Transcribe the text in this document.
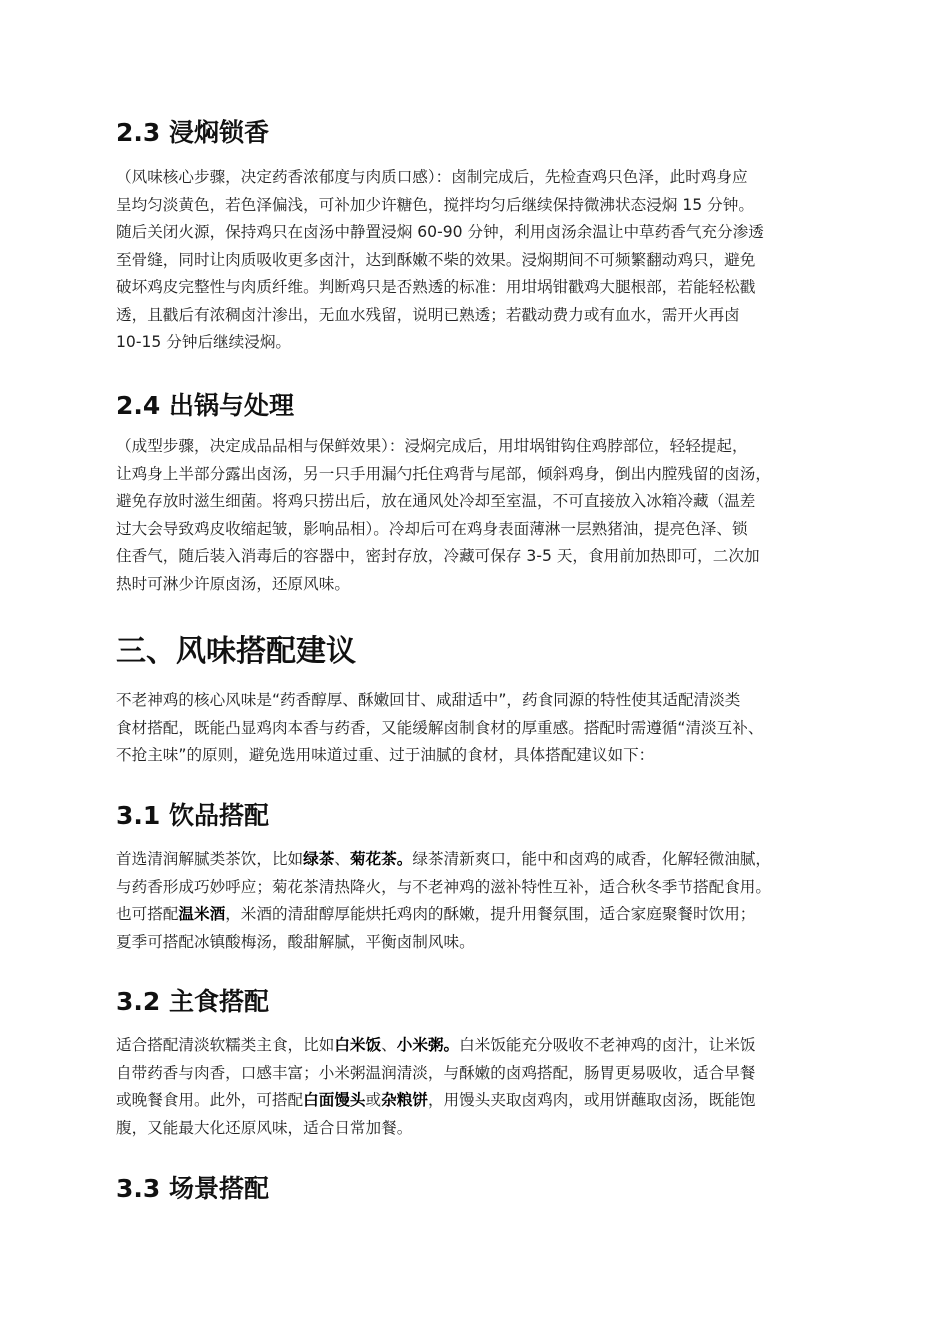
2.3 浸焖锁香

（风味核心步骤，决定药香浓郁度与肉质口感）：卤制完成后，先检查鸡只色泽，此时鸡身应
呈均匀淡黄色，若色泽偏浅，可补加少许糖色，搅拌均匀后继续保持微沸状态浸焖 15 分钟。
随后关闭火源，保持鸡只在卤汤中静置浸焖 60-90 分钟，利用卤汤余温让中草药香气充分渗透
至骨缝，同时让肉质吸收更多卤汁，达到酥嫩不柴的效果。浸焖期间不可频繁翻动鸡只，避免
破坏鸡皮完整性与肉质纤维。判断鸡只是否熟透的标准：用坩埚钳戳鸡大腿根部，若能轻松戳
透，且戳后有浓稠卤汁渗出，无血水残留，说明已熟透；若戳动费力或有血水，需开火再卤
10-15 分钟后继续浸焖。

2.4 出锅与处理

（成型步骤，决定成品品相与保鲜效果）：浸焖完成后，用坩埚钳钩住鸡脖部位，轻轻提起，
让鸡身上半部分露出卤汤，另一只手用漏勺托住鸡背与尾部，倾斜鸡身，倒出内膛残留的卤汤，
避免存放时滋生细菌。将鸡只捞出后，放在通风处冷却至室温，不可直接放入冰箱冷藏（温差
过大会导致鸡皮收缩起皱，影响品相）。冷却后可在鸡身表面薄淋一层熟猪油，提亮色泽、锁
住香气，随后装入消毒后的容器中，密封存放，冷藏可保存 3-5 天，食用前加热即可，二次加
热时可淋少许原卤汤，还原风味。

三、风味搭配建议

不老神鸡的核心风味是“药香醇厚、酥嫩回甘、咸甜适中”，药食同源的特性使其适配清淡类
食材搭配，既能凸显鸡肉本香与药香，又能缓解卤制食材的厚重感。搭配时需遵循“清淡互补、
不抢主味”的原则，避免选用味道过重、过于油腻的食材，具体搭配建议如下：

3.1 饮品搭配

首选清润解腻类茶饮，比如绿茶、菊花茶。绿茶清新爽口，能中和卤鸡的咸香，化解轻微油腻，
与药香形成巧妙呼应；菊花茶清热降火，与不老神鸡的滋补特性互补，适合秋冬季节搭配食用。
也可搭配温米酒，米酒的清甜醇厚能烘托鸡肉的酥嫩，提升用餐氛围，适合家庭聚餐时饮用；
夏季可搭配冰镇酸梅汤，酸甜解腻，平衡卤制风味。

3.2 主食搭配

适合搭配清淡软糯类主食，比如白米饭、小米粥。白米饭能充分吸收不老神鸡的卤汁，让米饭
自带药香与肉香，口感丰富；小米粥温润清淡，与酥嫩的卤鸡搭配，肠胃更易吸收，适合早餐
或晚餐食用。此外，可搭配白面馒头或杂粮饼，用馒头夹取卤鸡肉，或用饼蘸取卤汤，既能饱
腹，又能最大化还原风味，适合日常加餐。

3.3 场景搭配
